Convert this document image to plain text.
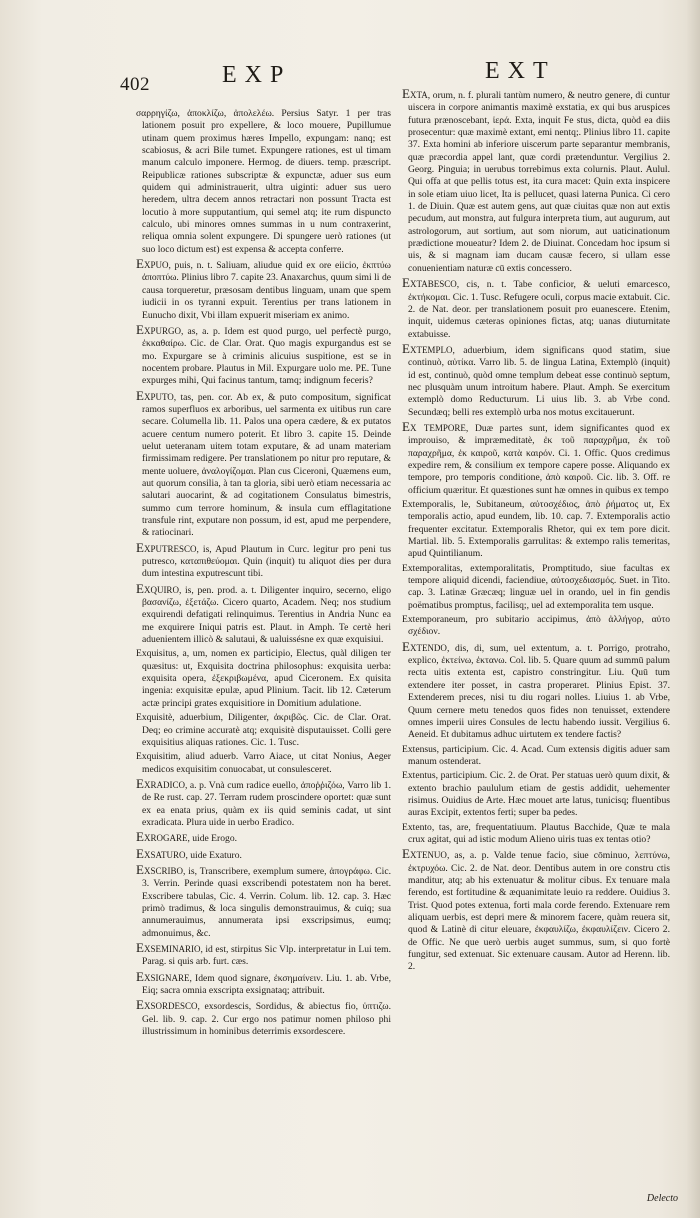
402	EXP	EXT

σαρρηγίζω, ἀποκλίζω, ἀπολελέω. Persius Satyr. 1 per tras lationem posuit pro expellere, & loco mouere, Pupillumue utinam quem proximus hæres Impello, expungam: nanq; est scabiosus, & acri Bile tumet. Expungere rationes, est ul timam manum calculo imponere. Hermog. de diuers. temp. præscript. Reipublicæ rationes subscriptæ & expunctæ, aduer sus eum quidem qui administrauerit, ultra uiginti: aduer sus uero heredem, ultra decem annos retractari non possunt Tracta est locutio à more supputantium, qui semel atq; ite rum dispuncto calculo, ubi minores omnes summas in u num contraxerint, reliqua omnia solent expungere. Di spungere uerò rationes (ut suo loco dictum est) est expensa & accepta conferre.

Expuo, puis, n. t. Saliuam, aliudue quid ex ore eiicio, ἐκπτύω ἀποπτύω. Plinius libro 7. capite 23. Anaxarchus, quum simi li de causa torqueretur, præsosam dentibus linguam, unam que spem iudicii in os tyranni expuit. Terentius per trans lationem in Eunucho dixit, Vbi illam expuerit miseriam ex animo.

Expurgo, as, a. p. Idem est quod purgo, uel perfectè purgo, ἐκκαθαίρω. Cic. de Clar. Orat. Quo magis expurgandus est se mo. Expurgare se à criminis alicuius suspitione, est se in nocentem probare. Plautus in Mil. Expurgare uolo me. PE. Tune expurges mihi, Qui facinus tantum, tamq; indignum feceris?

Exputo, tas, pen. cor. Ab ex, & puto compositum, significat ramos superfluos ex arboribus, uel sarmenta ex uitibus run care secare. Columella lib. 11. Palos una opera cædere, & ex putatos acuere centum numero poterit. Et libro 3. capite 15. Deinde uelut ueteranam uitem totam exputare, & ad unam materiam firmissimam redigere. Per translationem po nitur pro reputare, & mente uoluere, ἀναλογίζομαι. Plan cus Ciceroni, Quæmens eum, aut quorum consilia, à tan ta gloria, sibi uerò etiam necessaria ac salutari auocarint, & ad cogitationem Consulatus bimestris, summo cum terrore hominum, & insula cum efflagitatione transfule rint, exputare non possum, id est, apud me perpendere, & ratiocinari.

Exputresco, is, Apud Plautum in Curc. legitur pro peni tus putresco, καταπιθεύομαι. Quin (inquit) tu aliquot dies per dura dum intestina exputrescunt tibi.

Exquiro, is, pen. prod. a. t. Diligenter inquiro, secerno, eligo βασανίζω, ἐξετάζω. Cicero quarto, Academ. Neq; nos studium exquirendi defatigati relinquimus. Terentius in Andria Nunc ea me exquirere Iniqui patris est. Plaut. in Amph. Te certè heri aduenientem illicò & salutaui, & ualuissésne ex quæ exquisiui.

Exquisitus, a, um, nomen ex participio, Electus, quàl diligen ter quæsitus: ut, Exquisita doctrina philosophus: exquisita uerba: exquisita opera, ἐξεκριβωμένα, apud Ciceronem. Ex quisita ingenia: exquisitæ epulæ, apud Plinium. Tacit. lib 12. Cæterum actæ principi grates exquisitiore in Domitium adulatione.

Exquisitè, aduerbium, Diligenter, ἀκριβῶς. Cic. de Clar. Orat. Deq; eo crimine accuratè atq; exquisitè disputauisset. Colli gere exquisitius aliquas rationes. Cic. 1. Tusc.

Exquisitim, aliud aduerb. Varro Aiace, ut citat Nonius, Aeger medicos exquisitim conuocabat, ut consulesceret.

Exradico, a. p. Vnà cum radice euello, ἀποῤῥιζόω, Varro lib 1. de Re rust. cap. 27. Terram rudem proscindere oportet: quæ sunt ex ea enata prius, quàm ex iis quid seminis cadat, ut sint exradicata. Plura uide in uerbo Eradico.

Exrogare, uide Erogo.

Exsaturo, uide Exaturo.

Exscribo, is, Transcribere, exemplum sumere, ἀπογράφω. Cic. 3. Verrin. Perinde quasi exscribendi potestatem non ha beret. Exscribere tabulas, Cic. 4. Verrin. Colum. lib. 12. cap. 3. Hæc primò tradimus, & loca singulis demonstrauimus, & cuiq; sua annumerauimus, annumerata ipsi exscripsimus, eumq; admonuimus, &c.

Exseminario, id est, stirpitus Sic Vlp. interpretatur in Lui tem. Parag. si quis arb. furt. cæs.

Exsignare, Idem quod signare, ἐκσημαίνειν. Liu. 1. ab. Vrbe, Eiq; sacra omnia exscripta exsignataq; attribuit.

Exsordesco, exsordescis, Sordidus, & abiectus fio, ὑπτιζω. Gel. lib. 9. cap. 2. Cur ergo nos patimur nomen philoso phi illustrissimum in hominibus deterrimis exsordescere.

Exta, orum, n. f. plurali tantùm numero, & neutro genere, di cuntur uiscera in corpore animantis maximè exstatia, ex qui bus aruspices futura prænoscebant, ἱερά. Exta, inquit Fe stus, dicta, quòd ea diis prosecentur: quæ maximè extant, emi nentq;. Plinius libro 11. capite 37. Exta homini ab inferiore uiscerum parte separantur membranis, quæ præcordia appel lant, quæ cordi prætenduntur. Vergilius 2. Georg. Pinguia; in uerubus torrebimus exta colurnis. Plaut. Aulul. Qui offa at que pellis totus est, ita cura macet: Quin exta inspicere in sole etiam uiuo licet, Ita is pellucet, quasi laterna Punica. Ci cero 1. de Diuin. Quæ est autem gens, aut quæ ciuitas quæ non aut extis pecudum, aut monstra, aut fulgura interpreta tium, aut augurum, aut astrologorum, aut sortium, aut som niorum, aut uaticinationum prædictione moueatur? Idem 2. de Diuinat. Concedam hoc ipsum si uis, & si magnam iam ducam causæ fecero, si ullam esse conuenientiam naturæ cū extis concessero.

Extabesco, cis, n. t. Tabe conficior, & ueluti emarcesco, ἐκτήκομαι. Cic. 1. Tusc. Refugere oculi, corpus macie extabuit. Cic. 2. de Nat. deor. per translationem posuit pro euanescere. Etenim, inquit, uidemus cæteras opiniones fictas, atq; uanas diuturnitate extabuisse.

Extemplo, aduerbium, idem significans quod statim, siue continuò, αὐτίκα. Varro lib. 5. de lingua Latina, Extemplò (inquit) id est, continuò, quòd omne templum debeat esse continuò septum, nec plusquàm unum introitum habere. Plaut. Amph. Se exercitum extemplò domo Reducturum. Li uius lib. 3. ab Vrbe cond. Secundæq; belli res extemplò urba nos motus excitauerunt.

Ex tempore, Duæ partes sunt, idem significantes quod ex improuiso, & impræmeditatè, ἐκ τοῦ παραχρῆμα, ἐκ τοῦ παραχρῆμα, ἐκ καιροῦ, κατὰ καιρόν. Ci. 1. Offic. Quos credimus expedire rem, & consilium ex tempore capere posse. Aliquando ex tempore, pro temporis conditione, ἀπὸ καιροῦ. Cic. lib. 3. Off. re officium quæritur. Et quæstiones sunt hæ omnes in quibus ex tempo

Extemporalis, le, Subitaneum, αὐτοσχέδιος, ἀπὸ ῥήματος ut, Ex temporalis actio, apud eundem, lib. 10. cap. 7. Extemporalis actio frequenter excitatur. Extemporalis Rhetor, qui ex tem pore dicit. Martial. lib. 5. Extemporalis garrulitas: & extempo ralis temeritas, apud Quintilianum.

Extemporalitas, extemporalitatis, Promptitudo, siue facultas ex tempore aliquid dicendi, faciendiue, αὐτοσχεδιασμός. Suet. in Tito. cap. 3. Latinæ Græcæq; linguæ uel in orando, uel in fin gendis poëmatibus promptus, facilisq;, uel ad extemporalita tem usque.

Extemporaneum, pro subitario accipimus, ἀπὸ ἀλλήγορ, αὐτο σχέδιον.

Extendo, dis, di, sum, uel extentum, a. t. Porrigo, protraho, explico, ἐκτείνω, ἐκτανω. Col. lib. 5. Quare quum ad summū palum recta uitis extenta est, capistro constringitur. Liu. Quū tum extendere iter posset, in castra properaret. Plinius Epist. 37. Extenderem preces, nisi tu diu rogari nolles. Liuius 1. ab Vrbe, Quum cernere metu tenedos quos fides non tenuisset, extendere omnes imperii uires Consules de lectu habendo iussit. Vergilius 6. Aeneid. Et dubitamus adhuc uirtutem ex tendere factis?

Extensus, participium. Cic. 4. Acad. Cum extensis digitis aduer sam manum ostenderat.

Extentus, participium. Cic. 2. de Orat. Per statuas uerò quum dixit, & extento brachio paululum etiam de gestis addidit, uehementer risimus. Ouidius de Arte. Hæc mouet arte latus, tunicisq; fluentibus auras Excipit, extentos ferti; super ba pedes.

Extento, tas, are, frequentatiuum. Plautus Bacchide, Quæ te mala crux agitat, qui ad istic modum Alieno uiris tuas ex tentas otio?

Extenuo, as, a. p. Valde tenue facio, siue cōminuo, λεπτύνω, ἐκτρυχόω. Cic. 2. de Nat. deor. Dentibus autem in ore constru ctis manditur, atq; ab his extenuatur & molitur cibus. Ex tenuare mala ferendo, est fortitudine & æquanimitate leuio ra reddere. Ouidius 3. Trist. Quod potes extenua, forti mala corde ferendo. Extenuare rem aliquam uerbis, est depri mere & minorem facere, quàm reuera sit, quod & Latinè di citur eleuare, ἐκφαυλίζω, ἐκφαυλίζειν. Cicero 2. de Offic. Ne que uerò uerbis auget summus, sum, si quo fortè fungitur, sed extenuat. Sic extenuare causam. Autor ad Herenn. lib. 2.

Delecto
